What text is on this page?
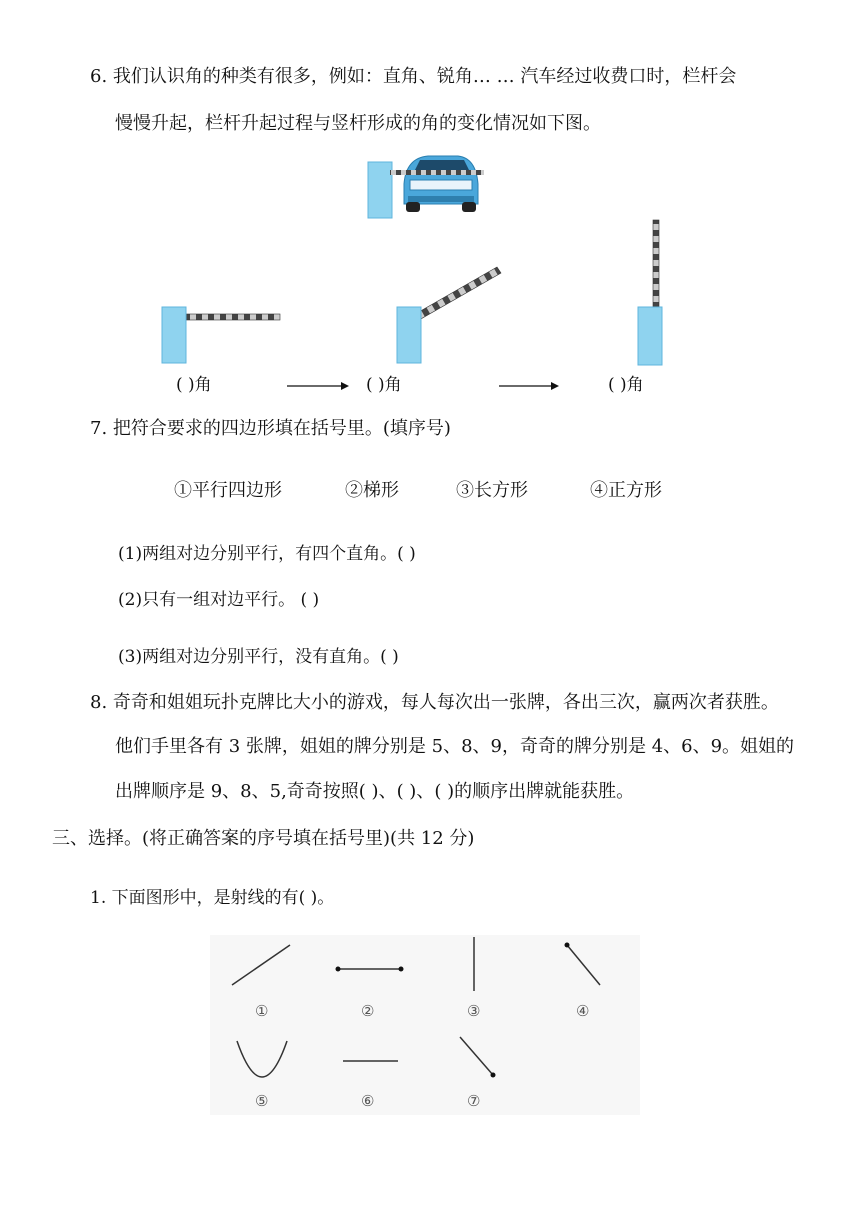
6. 我们认识角的种类有很多，例如：直角、锐角… … 汽车经过收费口时，栏杆会
慢慢升起，栏杆升起过程与竖杆形成的角的变化情况如下图。
( )角	( )角	( )角
7. 把符合要求的四边形填在括号里。(填序号)
①平行四边形	②梯形	③长方形	④正方形
(1)两组对边分别平行，有四个直角。( )
(2)只有一组对边平行。 ( )
(3)两组对边分别平行，没有直角。( )
8. 奇奇和姐姐玩扑克牌比大小的游戏，每人每次出一张牌，各出三次，赢两次者获胜。
他们手里各有 3 张牌，姐姐的牌分别是 5、8、9，奇奇的牌分别是 4、6、9。姐姐的
出牌顺序是 9、8、5,奇奇按照( )、( )、( )的顺序出牌就能获胜。
三、选择。(将正确答案的序号填在括号里)(共 12 分)
1. 下面图形中，是射线的有( )。
①	②	③	④
⑤	⑥	⑦
